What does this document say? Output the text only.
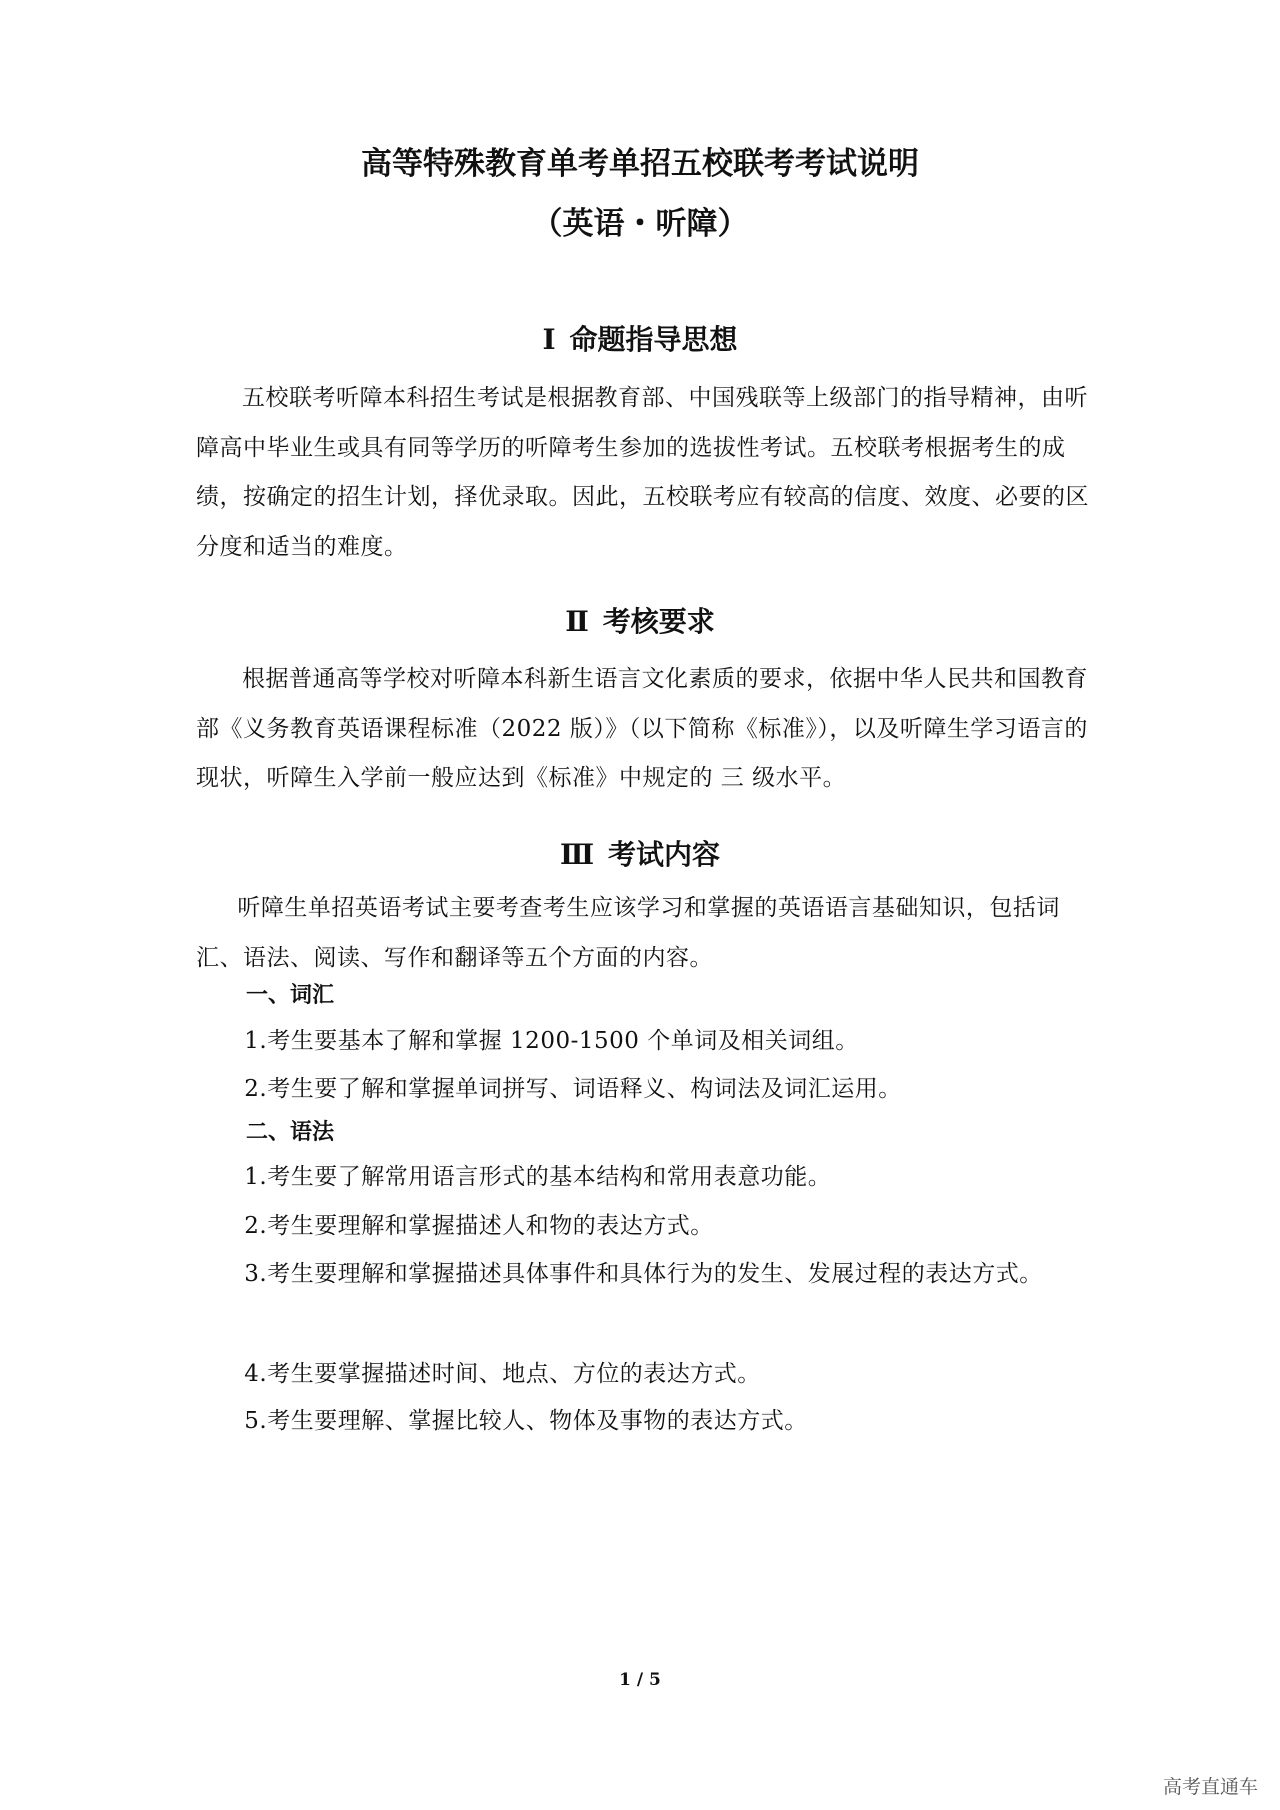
高等特殊教育单考单招五校联考考试说明
（英语・听障）
Ⅰ 命题指导思想

五校联考听障本科招生考试是根据教育部、中国残联等上级部门的指导精神，由听障高中毕业生或具有同等学历的听障考生参加的选拔性考试。五校联考根据考生的成绩，按确定的招生计划，择优录取。因此，五校联考应有较高的信度、效度、必要的区分度和适当的难度。

Ⅱ 考核要求

根据普通高等学校对听障本科新生语言文化素质的要求，依据中华人民共和国教育部《义务教育英语课程标准（2022 版）》（以下简称《标准》），以及听障生学习语言的现状，听障生入学前一般应达到《标准》中规定的 三 级水平。

Ⅲ 考试内容

听障生单招英语考试主要考查考生应该学习和掌握的英语语言基础知识，包括词汇、语法、阅读、写作和翻译等五个方面的内容。

一、词汇

1.考生要基本了解和掌握 1200-1500 个单词及相关词组。

2.考生要了解和掌握单词拼写、词语释义、构词法及词汇运用。

二、语法

1.考生要了解常用语言形式的基本结构和常用表意功能。

2.考生要理解和掌握描述人和物的表达方式。

3.考生要理解和掌握描述具体事件和具体行为的发生、发展过程的表达方式。

4.考生要掌握描述时间、地点、方位的表达方式。

5.考生要理解、掌握比较人、物体及事物的表达方式。

1 / 5

高考直通车
